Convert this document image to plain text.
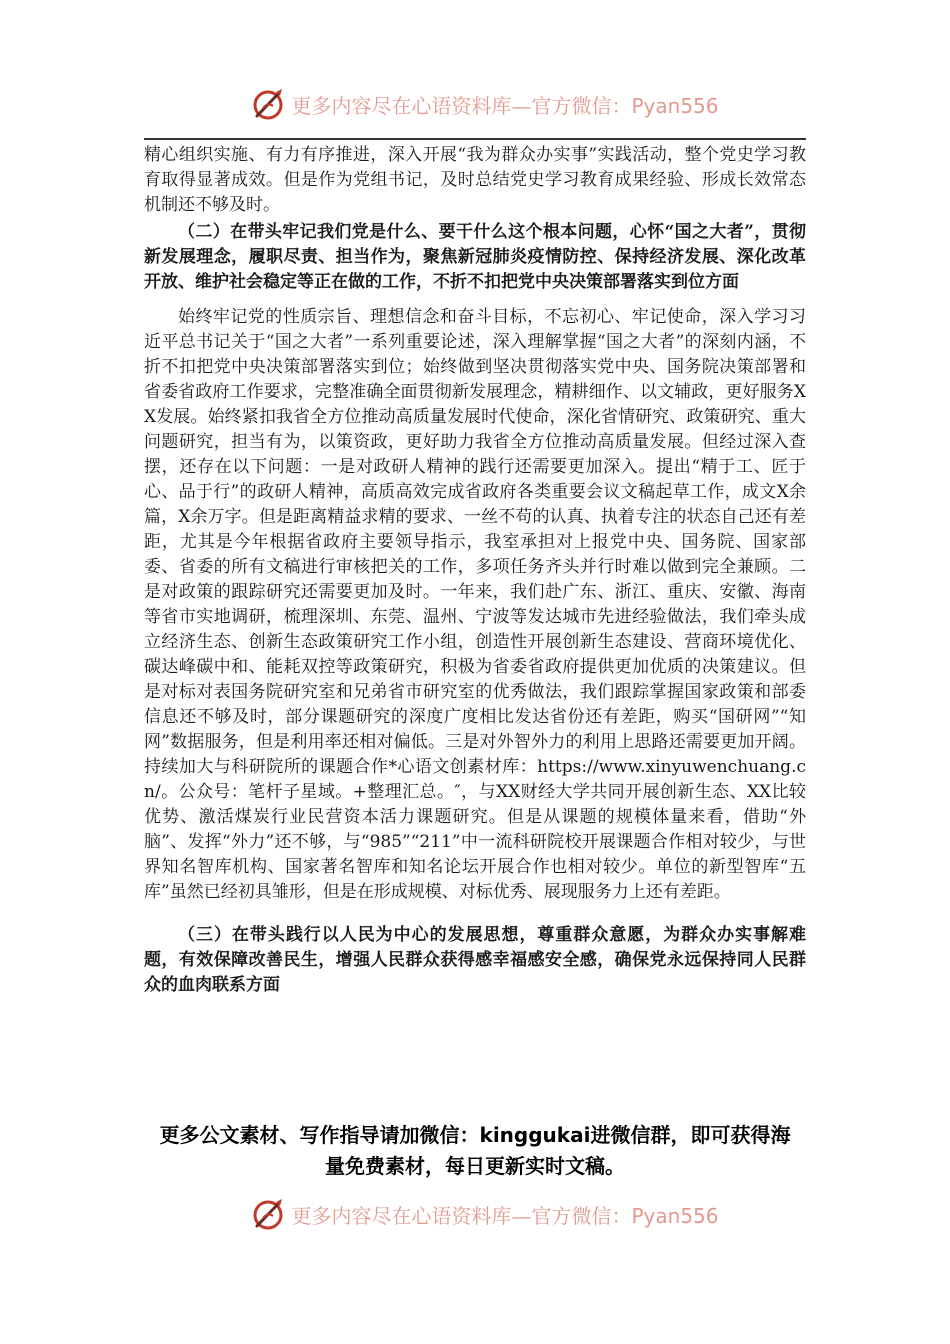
更多内容尽在心语资料库—官方微信：Pyan556

精心组织实施、有力有序推进，深入开展“我为群众办实事”实践活动，整个党史学习教育取得显著成效。但是作为党组书记，及时总结党史学习教育成果经验、形成长效常态机制还不够及时。

（二）在带头牢记我们党是什么、要干什么这个根本问题，心怀“国之大者”，贯彻新发展理念，履职尽责、担当作为，聚焦新冠肺炎疫情防控、保持经济发展、深化改革开放、维护社会稳定等正在做的工作，不折不扣把党中央决策部署落实到位方面

始终牢记党的性质宗旨、理想信念和奋斗目标，不忘初心、牢记使命，深入学习习近平总书记关于“国之大者”一系列重要论述，深入理解掌握“国之大者”的深刻内涵，不折不扣把党中央决策部署落实到位；始终做到坚决贯彻落实党中央、国务院决策部署和省委省政府工作要求，完整准确全面贯彻新发展理念，精耕细作、以文辅政，更好服务XX发展。始终紧扣我省全方位推动高质量发展时代使命，深化省情研究、政策研究、重大问题研究，担当有为，以策资政，更好助力我省全方位推动高质量发展。但经过深入查摆，还存在以下问题：一是对政研人精神的践行还需要更加深入。提出“精于工、匠于心、品于行”的政研人精神，高质高效完成省政府各类重要会议文稿起草工作，成文X余篇，X余万字。但是距离精益求精的要求、一丝不苟的认真、执着专注的状态自己还有差距，尤其是今年根据省政府主要领导指示，我室承担对上报党中央、国务院、国家部委、省委的所有文稿进行审核把关的工作，多项任务齐头并行时难以做到完全兼顾。二是对政策的跟踪研究还需要更加及时。一年来，我们赴广东、浙江、重庆、安徽、海南等省市实地调研，梳理深圳、东莞、温州、宁波等发达城市先进经验做法，我们牵头成立经济生态、创新生态政策研究工作小组，创造性开展创新生态建设、营商环境优化、碳达峰碳中和、能耗双控等政策研究，积极为省委省政府提供更加优质的决策建议。但是对标对表国务院研究室和兄弟省市研究室的优秀做法，我们跟踪掌握国家政策和部委信息还不够及时，部分课题研究的深度广度相比发达省份还有差距，购买“国研网”“知网”数据服务，但是利用率还相对偏低。三是对外智外力的利用上思路还需要更加开阔。持续加大与科研院所的课题合作*心语文创素材库：https://www.xinyuwenchuang.cn/。公众号：笔杆子星域。+整理汇总。″，与XX财经大学共同开展创新生态、XX比较优势、激活煤炭行业民营资本活力课题研究。但是从课题的规模体量来看，借助“外脑”、发挥“外力”还不够，与“985”“211”中一流科研院校开展课题合作相对较少，与世界知名智库机构、国家著名智库和知名论坛开展合作也相对较少。单位的新型智库“五库”虽然已经初具雏形，但是在形成规模、对标优秀、展现服务力上还有差距。

（三）在带头践行以人民为中心的发展思想，尊重群众意愿，为群众办实事解难题，有效保障改善民生，增强人民群众获得感幸福感安全感，确保党永远保持同人民群众的血肉联系方面

更多公文素材、写作指导请加微信：kinggukai进微信群，即可获得海量免费素材，每日更新实时文稿。
更多内容尽在心语资料库—官方微信：Pyan556
